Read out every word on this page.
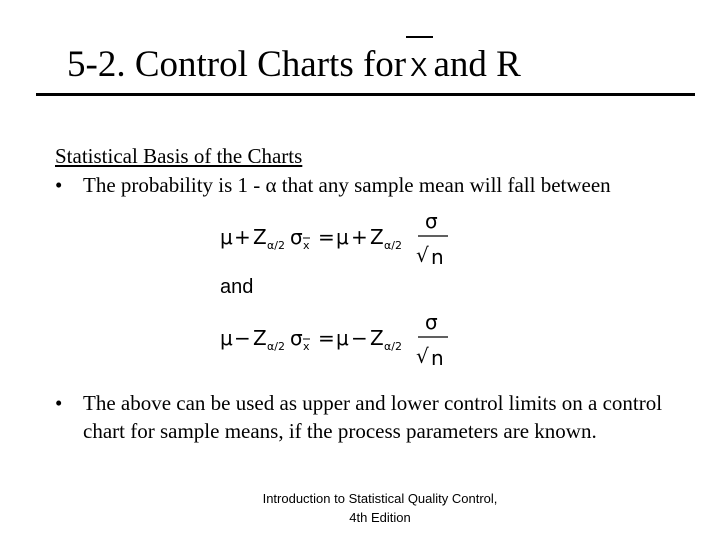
5-2. Control Charts for X and R
Statistical Basis of the Charts
• The probability is 1 - α that any sample mean will fall between
μ + Z α/2 σ x = μ + Z α/2
σ
√ n
and
μ − Z α/2 σ x = μ − Z α/2
σ
√ n
• The above can be used as upper and lower control limits on a control chart for sample means, if the process parameters are known.
Introduction to Statistical Quality Control,
4th Edition
